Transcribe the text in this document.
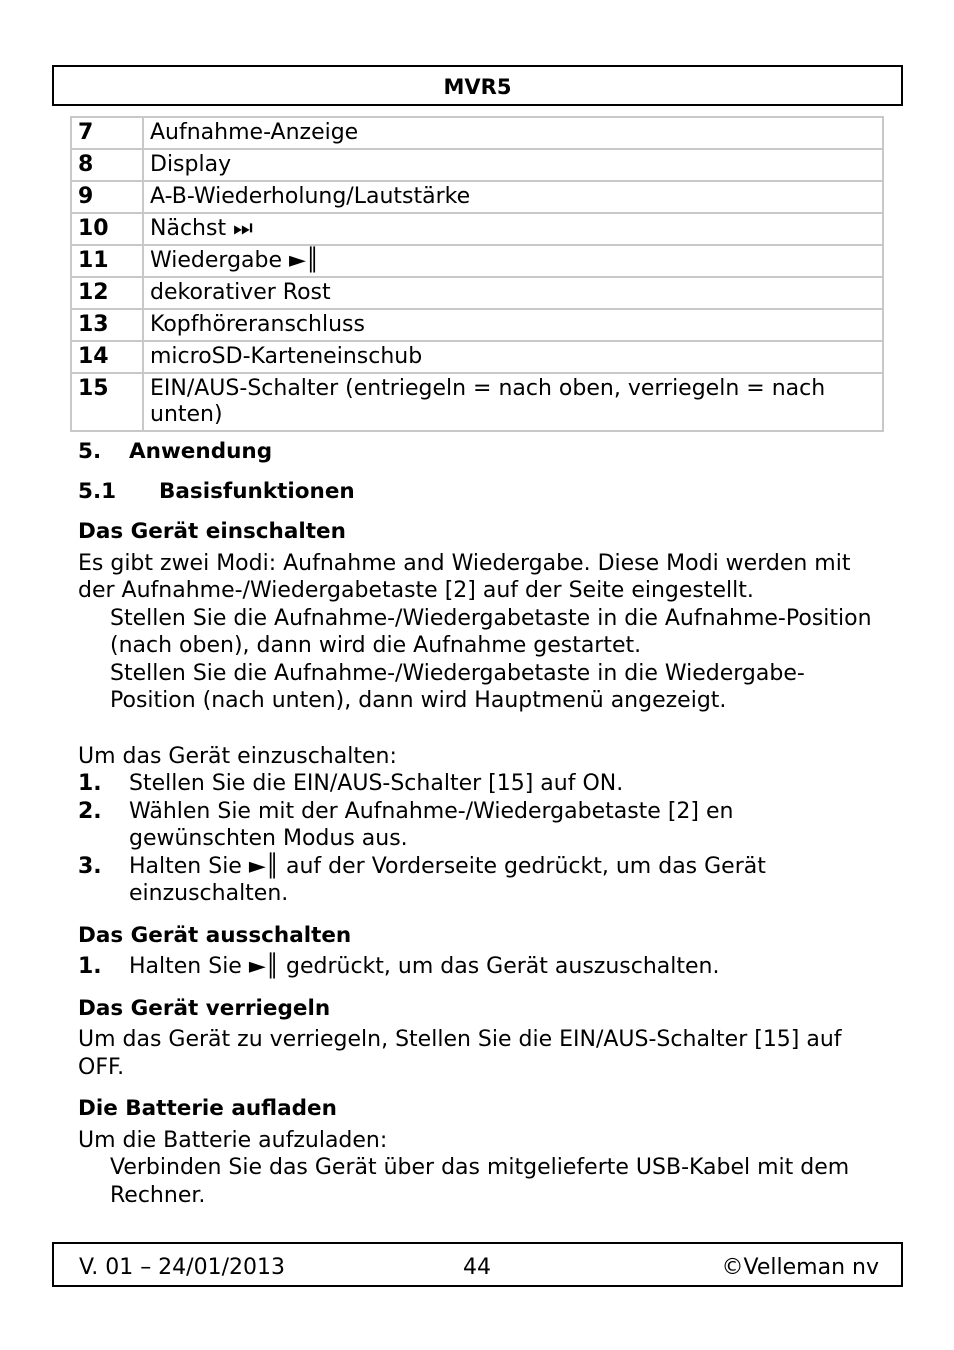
MVR5
7	Aufnahme-Anzeige
8	Display
9	A-B-Wiederholung/Lautstärke
10	Nächst ⏭
11	Wiedergabe ►║
12	dekorativer Rost
13	Kopfhöreranschluss
14	microSD-Karteneinschub
15	EIN/AUS-Schalter (entriegeln = nach oben, verriegeln = nach unten)
5.	Anwendung
5.1	Basisfunktionen
Das Gerät einschalten

Es gibt zwei Modi: Aufnahme and Wiedergabe. Diese Modi werden mit der Aufnahme-/Wiedergabetaste [2] auf der Seite eingestellt.

Stellen Sie die Aufnahme-/Wiedergabetaste in die Aufnahme-Position (nach oben), dann wird die Aufnahme gestartet.

Stellen Sie die Aufnahme-/Wiedergabetaste in die Wiedergabe-Position (nach unten), dann wird Hauptmenü angezeigt.

Um das Gerät einzuschalten:

1.	Stellen Sie die EIN/AUS-Schalter [15] auf ON.
2.	Wählen Sie mit der Aufnahme-/Wiedergabetaste [2] en gewünschten Modus aus.
3.	Halten Sie ►║ auf der Vorderseite gedrückt, um das Gerät einzuschalten.
Das Gerät ausschalten
1.	Halten Sie ►║ gedrückt, um das Gerät auszuschalten.
Das Gerät verriegeln

Um das Gerät zu verriegeln, Stellen Sie die EIN/AUS-Schalter [15] auf OFF.

Die Batterie aufladen

Um die Batterie aufzuladen:

Verbinden Sie das Gerät über das mitgelieferte USB-Kabel mit dem Rechner.

V. 01 – 24/01/2013	44	©Velleman nv
